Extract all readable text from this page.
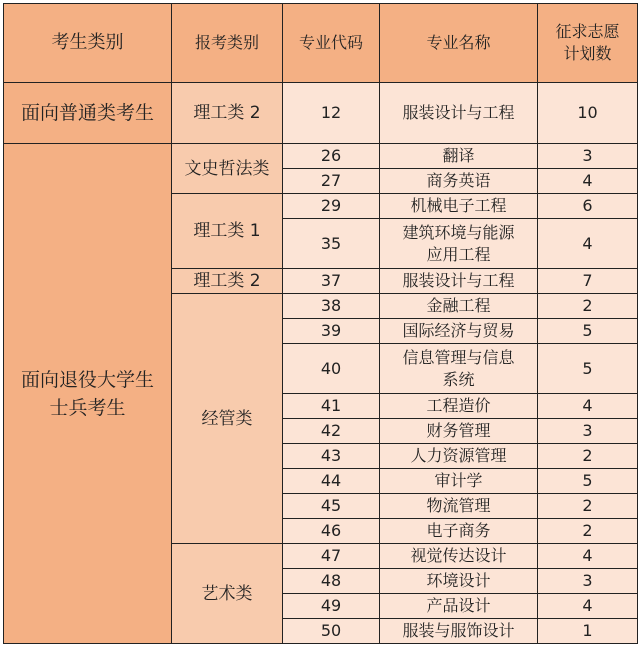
考生类别	报考类别	专业代码	专业名称	征求志愿
计划数
面向普通类考生	理工类 2	12	服装设计与工程	10
面向退役大学生
士兵考生	文史哲法类	26	翻译	3
		27	商务英语	4
	理工类 1	29	机械电子工程	6
		35	建筑环境与能源
应用工程	4
	理工类 2	37	服装设计与工程	7
	经管类	38	金融工程	2
		39	国际经济与贸易	5
		40	信息管理与信息
系统	5
		41	工程造价	4
		42	财务管理	3
		43	人力资源管理	2
		44	审计学	5
		45	物流管理	2
		46	电子商务	2
	艺术类	47	视觉传达设计	4
		48	环境设计	3
		49	产品设计	4
		50	服装与服饰设计	1
